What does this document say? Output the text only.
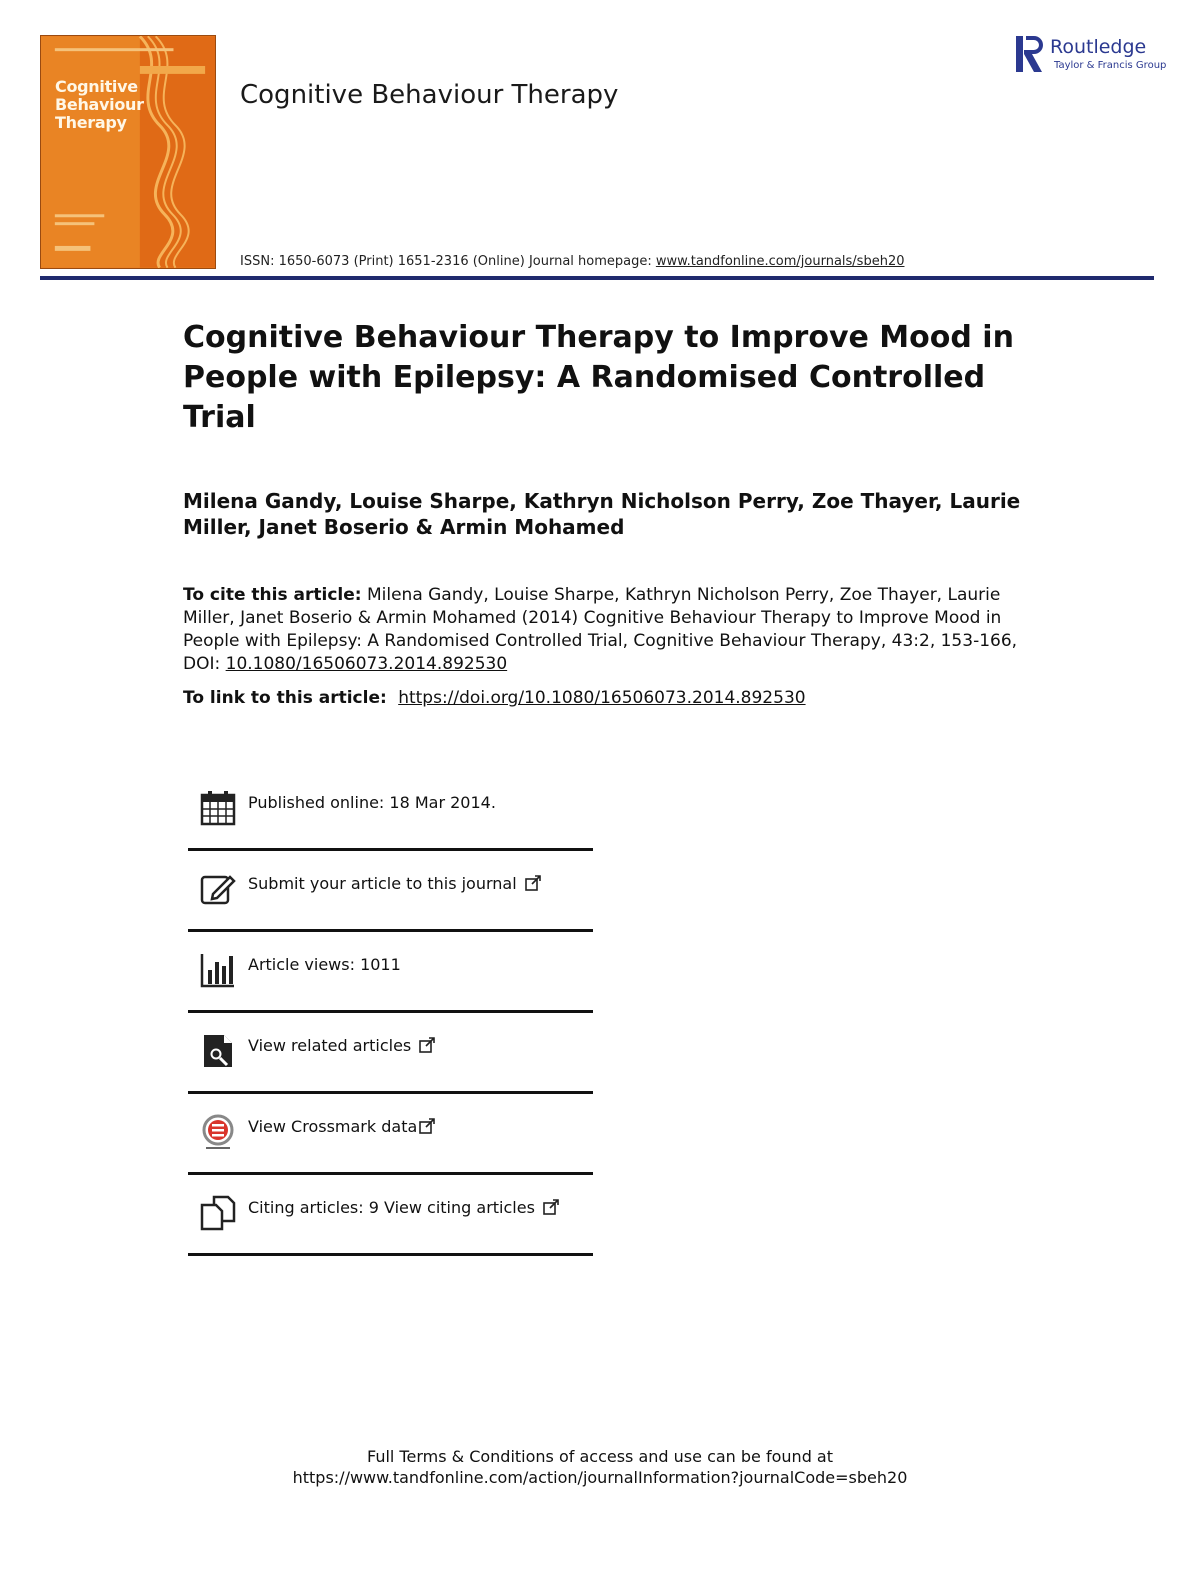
Cognitive Behaviour Therapy
Cognitive Behaviour Therapy
ISSN: 1650-6073 (Print) 1651-2316 (Online) Journal homepage: www.tandfonline.com/journals/sbeh20
Routledge
Taylor & Francis Group
Cognitive Behaviour Therapy to Improve Mood in People with Epilepsy: A Randomised Controlled Trial
Milena Gandy, Louise Sharpe, Kathryn Nicholson Perry, Zoe Thayer, Laurie Miller, Janet Boserio & Armin Mohamed
To cite this article: Milena Gandy, Louise Sharpe, Kathryn Nicholson Perry, Zoe Thayer, Laurie Miller, Janet Boserio & Armin Mohamed (2014) Cognitive Behaviour Therapy to Improve Mood in People with Epilepsy: A Randomised Controlled Trial, Cognitive Behaviour Therapy, 43:2, 153-166, DOI: 10.1080/16506073.2014.892530
To link to this article: https://doi.org/10.1080/16506073.2014.892530
Published online: 18 Mar 2014.
Submit your article to this journal
Article views: 1011
View related articles
View Crossmark data
Citing articles: 9 View citing articles
Full Terms & Conditions of access and use can be found at
https://www.tandfonline.com/action/journalInformation?journalCode=sbeh20
